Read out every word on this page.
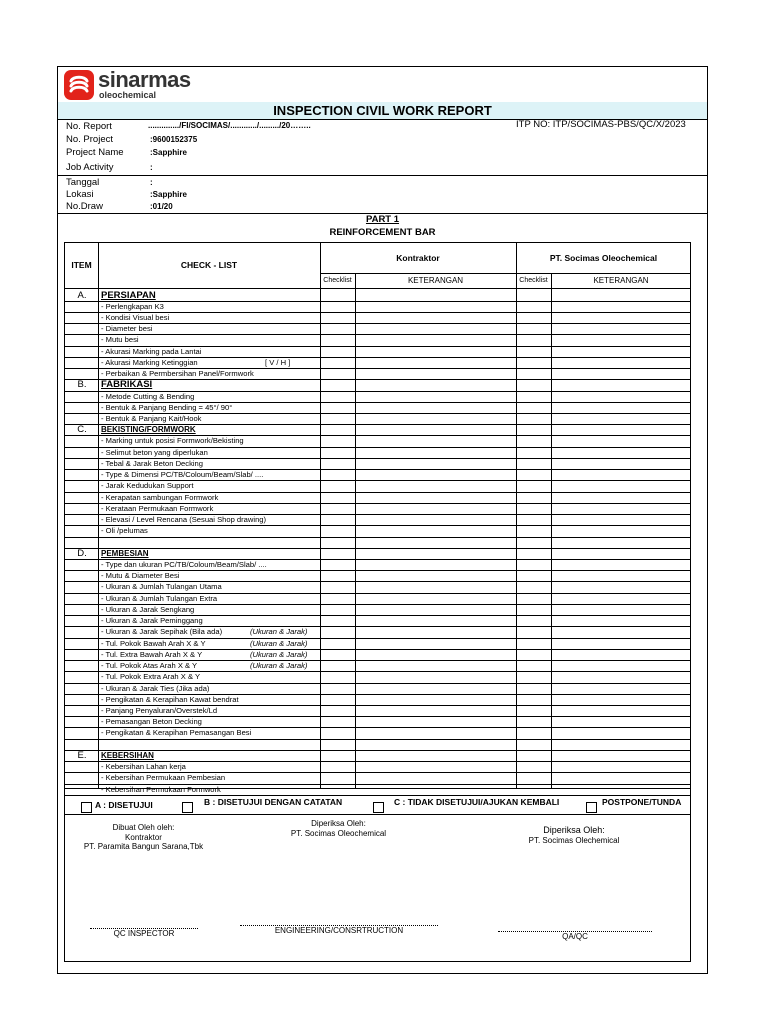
sinarmas
oleochemical
INSPECTION CIVIL WORK REPORT
No. Report	............../FI/SOCIMAS/............/........./20……..	ITP NO: ITP/SOCIMAS-PBS/QC/X/2023
No. Project	:9600152375
Project Name	:Sapphire
Job Activity	:
Tanggal	:
Lokasi	:Sapphire
No.Draw	:01/20
PART 1
REINFORCEMENT BAR
ITEM	CHECK - LIST
Kontraktor	PT. Socimas Oleochemical
Checklist	KETERANGAN	Checklist	KETERANGAN
A.	PERSIAPAN
- Perlengkapan K3
- Kondisi Visual besi
- Diameter besi
- Mutu besi
- Akurasi Marking pada Lantai
- Akurasi Marking Ketinggian	[ V / H ]
- Perbaikan & Permbersihan Panel/Formwork
B.	FABRIKASI
- Metode Cutting & Bending
- Bentuk & Panjang Bending = 45°/ 90°
- Bentuk & Panjang Kait/Hook
C.	BEKISTING/FORMWORK
- Marking untuk posisi Formwork/Bekisting
- Selimut beton yang diperlukan
- Tebal & Jarak Beton Decking
- Type & Dimensi PC/TB/Coloum/Beam/Slab/ ....
- Jarak Kedudukan Support
- Kerapatan sambungan Formwork
- Kerataan Permukaan Formwork
- Elevasi / Level Rencana (Sesuai Shop drawing)
- Oli /pelumas
D.	PEMBESIAN
- Type dan ukuran PC/TB/Coloum/Beam/Slab/ ....
- Mutu & Diameter Besi
- Ukuran & Jumlah Tulangan Utama
- Ukuran & Jumlah Tulangan Extra
- Ukuran & Jarak Sengkang
- Ukuran & Jarak Peminggang
- Ukuran & Jarak Sepihak (Bila ada)	(Ukuran & Jarak)
- Tul. Pokok Bawah Arah X & Y	(Ukuran & Jarak)
- Tul. Extra Bawah Arah X & Y	(Ukuran & Jarak)
- Tul. Pokok Atas Arah X & Y	(Ukuran & Jarak)
- Tul. Pokok Extra Arah X & Y
- Ukuran & Jarak Ties (Jika ada)
- Pengikatan & Kerapihan Kawat bendrat
- Panjang Penyaluran/Overstek/Ld
- Pemasangan Beton Decking
- Pengikatan & Kerapihan Pemasangan Besi
E.	KEBERSIHAN
- Kebersihan Lahan kerja
- Kebersihan Permukaan Pembesian
- Kebersihan Permukaan Formwork
A : DISETUJUI	B : DISETUJUI DENGAN CATATAN	C : TIDAK DISETUJUI/AJUKAN KEMBALI	POSTPONE/TUNDA
Dibuat Oleh oleh:
Kontraktor
PT. Paramita Bangun Sarana,Tbk
Diperiksa Oleh:
PT. Socimas Oleochemical	Diperiksa Oleh:
PT. Socimas Olechemical
QC INSPECTOR	ENGINEERING/CONSRTRUCTION
QA/QC
